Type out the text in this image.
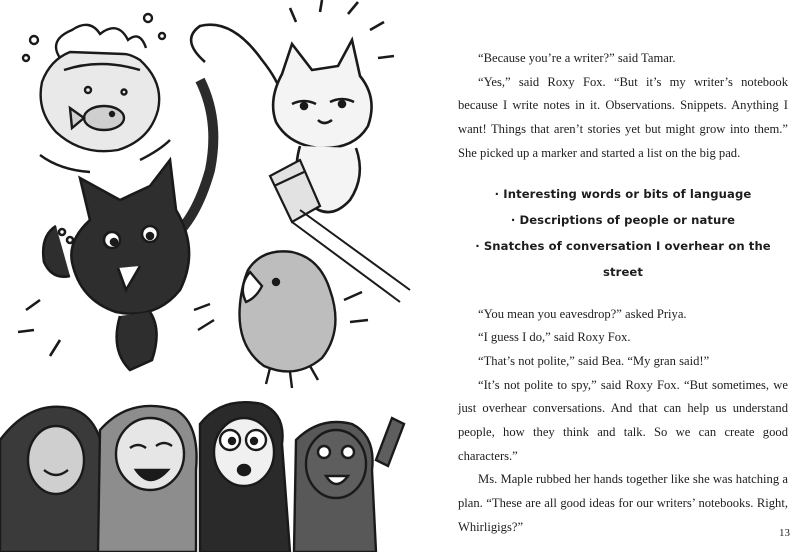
“Because you’re a writer?” said Tamar.

“Yes,” said Roxy Fox. “But it’s my writer’s notebook because I write notes in it. Observations. Snippets. Anything I want! Things that aren’t stories yet but might grow into them.” She picked up a marker and started a list on the big pad.

· Interesting words or bits of language
· Descriptions of people or nature
· Snatches of conversation I overhear on the street

“You mean you eavesdrop?” asked Priya.

“I guess I do,” said Roxy Fox.

“That’s not polite,” said Bea. “My gran said!”

“It’s not polite to spy,” said Roxy Fox. “But sometimes, we just overhear conversations. And that can help us understand people, how they think and talk. So we can create good characters.”

Ms. Maple rubbed her hands together like she was hatching a plan. “These are all good ideas for our writers’ notebooks. Right, Whirligigs?”	13
